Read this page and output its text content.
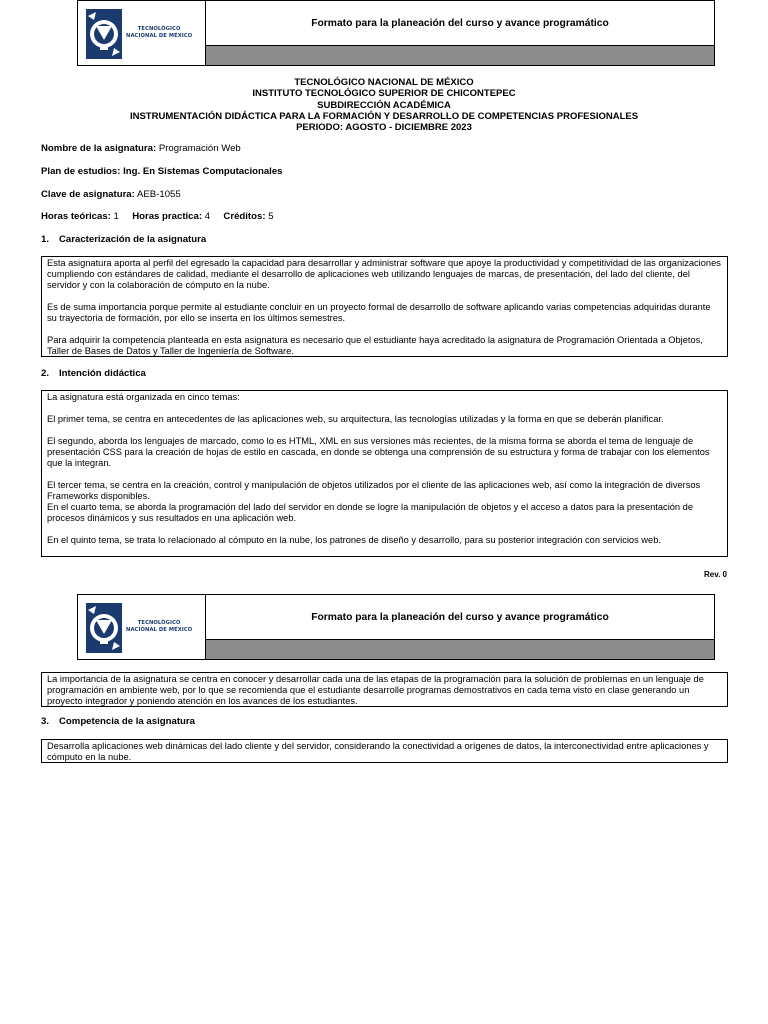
TECNOLÓGICO
NACIONAL DE MÉXICO
Formato para la planeación del curso y avance programático
TECNOLÓGICO NACIONAL DE MÉXICO
INSTITUTO TECNOLÓGICO SUPERIOR DE CHICONTEPEC
SUBDIRECCIÓN ACADÉMICA
INSTRUMENTACIÓN DIDÁCTICA PARA LA FORMACIÓN Y DESARROLLO DE COMPETENCIAS PROFESIONALES
PERIODO: AGOSTO - DICIEMBRE 2023
Nombre de la asignatura: Programación Web
Plan de estudios: Ing. En Sistemas Computacionales
Clave de asignatura: AEB-1055
Horas teóricas: 1 Horas practica: 4 Créditos: 5
1. Caracterización de la asignatura

Esta asignatura aporta al perfil del egresado la capacidad para desarrollar y administrar software que apoye la productividad y competitividad de las organizaciones cumpliendo con estándares de calidad, mediante el desarrollo de aplicaciones web utilizando lenguajes de marcas, de presentación, del lado del cliente, del servidor y con la colaboración de cómputo en la nube.

Es de suma importancia porque permite al estudiante concluir en un proyecto formal de desarrollo de software aplicando varias competencias adquiridas durante su trayectoria de formación, por ello se inserta en los últimos semestres.

Para adquirir la competencia planteada en esta asignatura es necesario que el estudiante haya acreditado la asignatura de Programación Orientada a Objetos, Taller de Bases de Datos y Taller de Ingeniería de Software.

2. Intención didáctica

La asignatura está organizada en cinco temas:

El primer tema, se centra en antecedentes de las aplicaciones web, su arquitectura, las tecnologías utilizadas y la forma en que se deberán planificar.

El segundo, aborda los lenguajes de marcado, como lo es HTML, XML en sus versiones más recientes, de la misma forma se aborda el tema de lenguaje de presentación CSS para la creación de hojas de estilo en cascada, en donde se obtenga una comprensión de su estructura y forma de trabajar con los elementos que la integran.

El tercer tema, se centra en la creación, control y manipulación de objetos utilizados por el cliente de las aplicaciones web, así como la integración de diversos Frameworks disponibles.

En el cuarto tema, se aborda la programación del lado del servidor en donde se logre la manipulación de objetos y el acceso a datos para la presentación de procesos dinámicos y sus resultados en una aplicación web.

En el quinto tema, se trata lo relacionado al cómputo en la nube, los patrones de diseño y desarrollo, para su posterior integración con servicios web.

Rev. 0
TECNOLÓGICO
NACIONAL DE MÉXICO
Formato para la planeación del curso y avance programático

La importancia de la asignatura se centra en conocer y desarrollar cada una de las etapas de la programación para la solución de problemas en un lenguaje de programación en ambiente web, por lo que se recomienda que el estudiante desarrolle programas demostrativos en cada tema visto en clase generando un proyecto integrador y poniendo atención en los avances de los estudiantes.

3. Competencia de la asignatura

Desarrolla aplicaciones web dinámicas del lado cliente y del servidor, considerando la conectividad a orígenes de datos, la interconectividad entre aplicaciones y cómputo en la nube.
